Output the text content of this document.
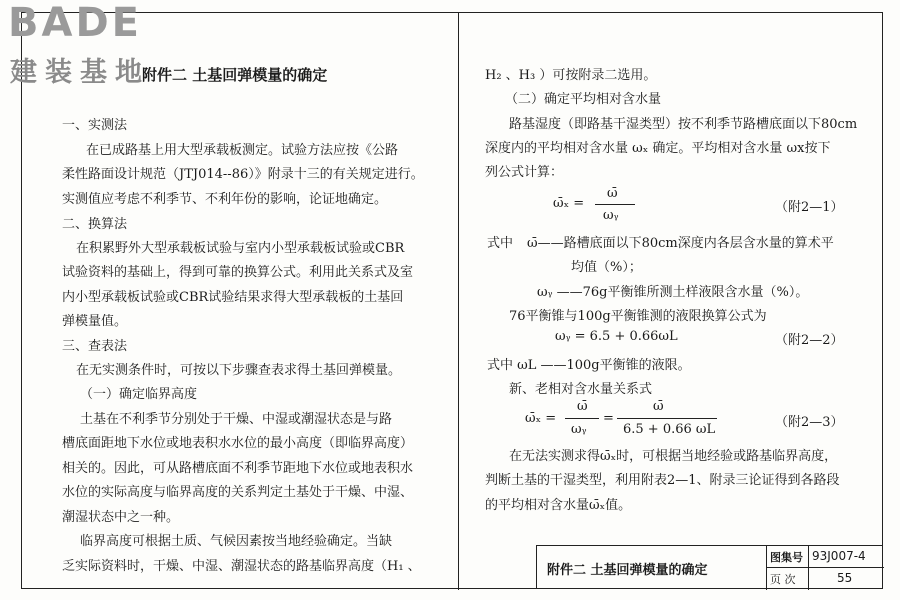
BADE
建装基地
附件二 土基回弹模量的确定
一、实测法
在已成路基上用大型承载板测定。试验方法应按《公路
柔性路面设计规范（JTJ014--86）》附录十三的有关规定进行。
实测值应考虑不利季节、不利年份的影响，论证地确定。
二、换算法
在积累野外大型承载板试验与室内小型承载板试验或CBR
试验资料的基础上，得到可靠的换算公式。利用此关系式及室
内小型承载板试验或CBR试验结果求得大型承载板的土基回
弹模量值。
三、查表法
在无实测条件时，可按以下步骤查表求得土基回弹模量。
（一）确定临界高度
土基在不利季节分别处于干燥、中湿或潮湿状态是与路
槽底面距地下水位或地表积水水位的最小高度（即临界高度）
相关的。因此，可从路槽底面不利季节距地下水位或地表积水
水位的实际高度与临界高度的关系判定土基处于干燥、中湿、
潮湿状态中之一种。
临界高度可根据土质、气候因素按当地经验确定。当缺
乏实际资料时，干燥、中湿、潮湿状态的路基临界高度（H₁ 、
H₂ 、H₃ ）可按附录二选用。
（二）确定平均相对含水量
路基湿度（即路基干湿类型）按不利季节路槽底面以下80cm
深度内的平均相对含水量 ωₓ 确定。平均相对含水量 ωx按下
列公式计算：
ω̄ₓ =
ω̄
ωᵧ
（附2—1）
式中 ω̄——路槽底面以下80cm深度内各层含水量的算术平
均值（%）；
ωᵧ ——76g平衡锥所测土样液限含水量（%）。
76平衡锥与100g平衡锥测的液限换算公式为
ωᵧ = 6.5 + 0.66ωL	（附2—2）
式中 ωL ——100g平衡锥的液限。
新、老相对含水量关系式
ω̄ₓ =
ω̄
ωᵧ
=
ω̄
6.5 + 0.66 ωL	（附2—3）
在无法实测求得ω̄ₓ时，可根据当地经验或路基临界高度，
判断土基的干湿类型，利用附表2—1、附录三论证得到各路段
的平均相对含水量ω̄ₓ值。
附件二 土基回弹模量的确定
图集号 93J007-4
页 次	55
